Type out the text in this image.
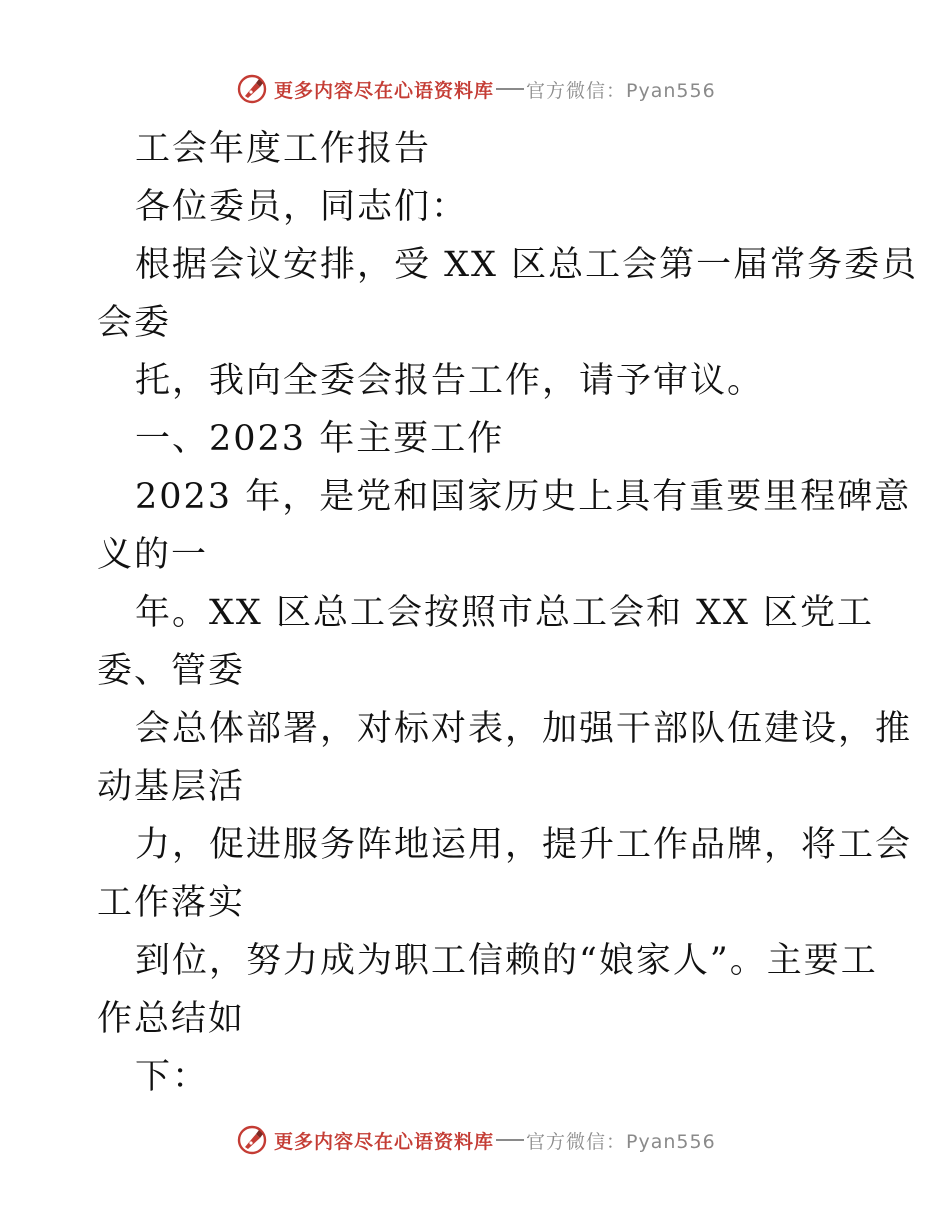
更多内容尽在心语资料库 官方微信：Pyan556
工会年度工作报告
各位委员，同志们：
根据会议安排，受 XX 区总工会第一届常务委员
会委
托，我向全委会报告工作，请予审议。
一、2023 年主要工作
2023 年，是党和国家历史上具有重要里程碑意
义的一
年。XX 区总工会按照市总工会和 XX 区党工
委、管委
会总体部署，对标对表，加强干部队伍建设，推
动基层活
力，促进服务阵地运用，提升工作品牌，将工会
工作落实
到位，努力成为职工信赖的“娘家人”。主要工
作总结如
下：
更多内容尽在心语资料库 官方微信：Pyan556
